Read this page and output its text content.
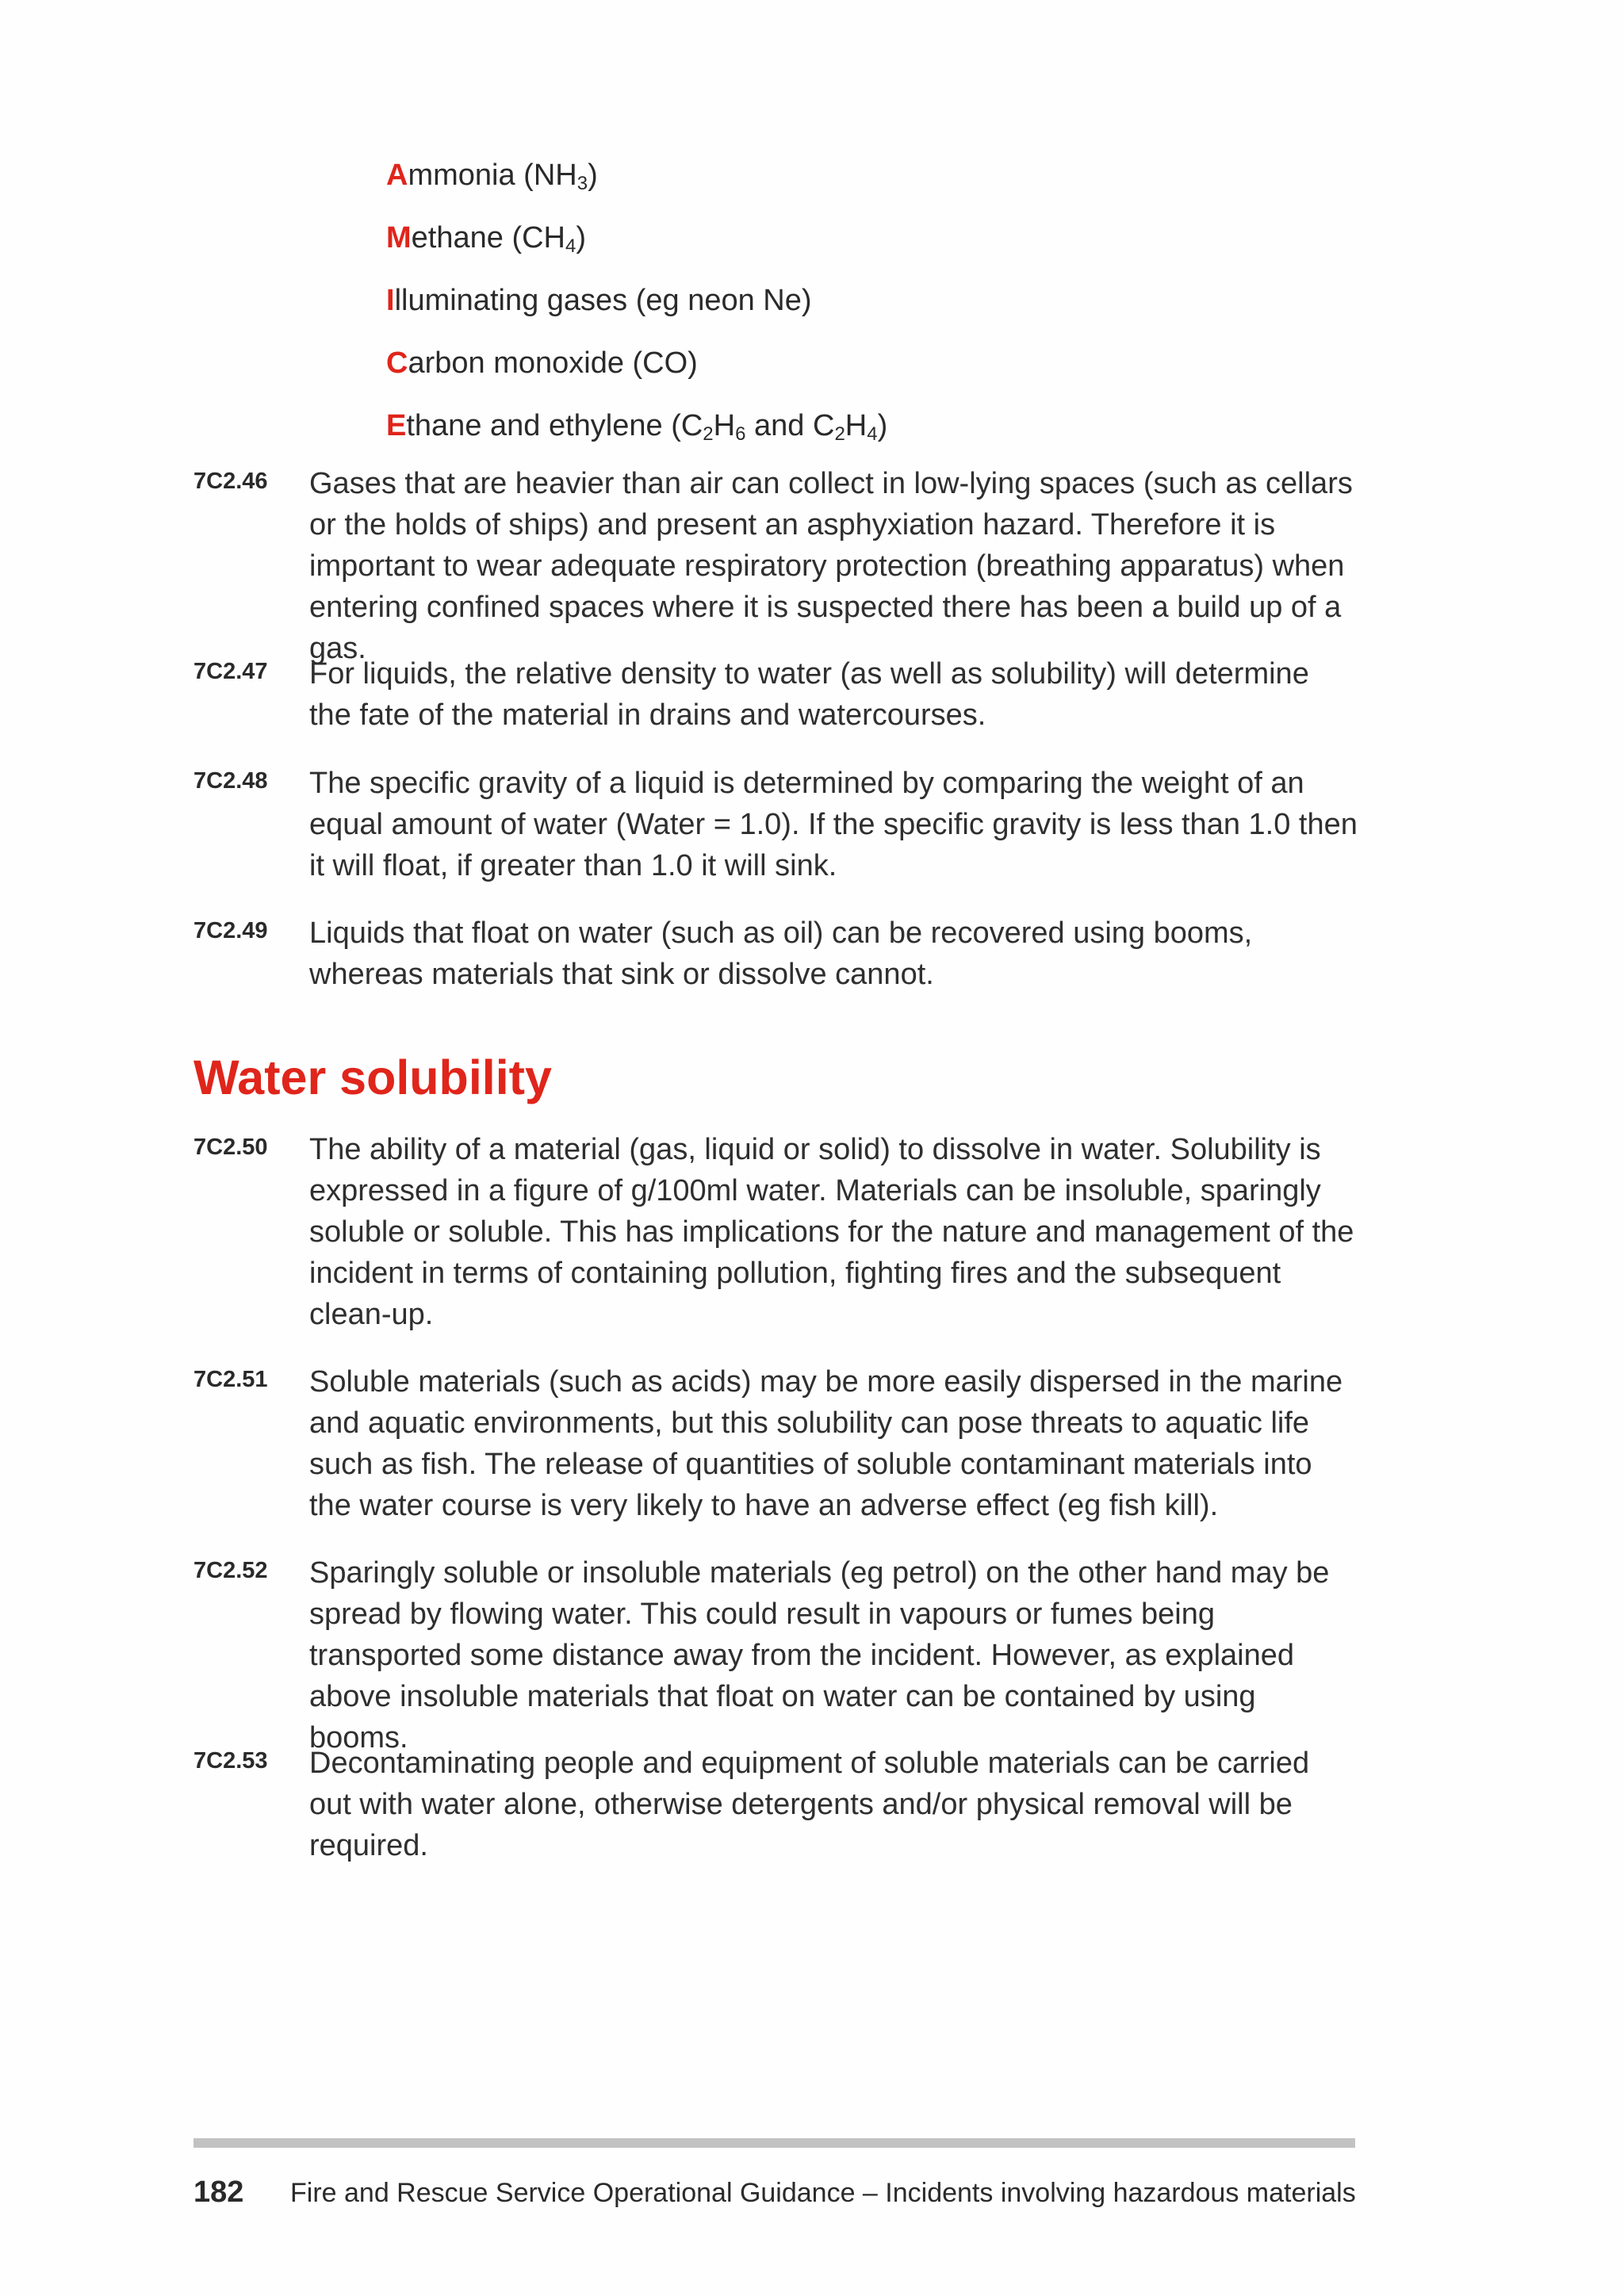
Ammonia $(NH_3)$
Methane $(CH_4)$
Illuminating gases (eg neon Ne)
Carbon monoxide (CO)
Ethane and ethylene ($C_2H_6$ and $C_2H_4$)
7C2.46 Gases that are heavier than air can collect in low-lying spaces (such as cellars or the holds of ships) and present an asphyxiation hazard. Therefore it is important to wear adequate respiratory protection (breathing apparatus) when entering confined spaces where it is suspected there has been a build up of a gas.
7C2.47 For liquids, the relative density to water (as well as solubility) will determine the fate of the material in drains and watercourses.
7C2.48 The specific gravity of a liquid is determined by comparing the weight of an equal amount of water (Water = 1.0). If the specific gravity is less than 1.0 then it will float, if greater than 1.0 it will sink.
7C2.49 Liquids that float on water (such as oil) can be recovered using booms, whereas materials that sink or dissolve cannot.
Water solubility
7C2.50 The ability of a material (gas, liquid or solid) to dissolve in water. Solubility is expressed in a figure of g/100ml water. Materials can be insoluble, sparingly soluble or soluble. This has implications for the nature and management of the incident in terms of containing pollution, fighting fires and the subsequent clean-up.
7C2.51 Soluble materials (such as acids) may be more easily dispersed in the marine and aquatic environments, but this solubility can pose threats to aquatic life such as fish. The release of quantities of soluble contaminant materials into the water course is very likely to have an adverse effect (eg fish kill).
7C2.52 Sparingly soluble or insoluble materials (eg petrol) on the other hand may be spread by flowing water. This could result in vapours or fumes being transported some distance away from the incident. However, as explained above insoluble materials that float on water can be contained by using booms.
7C2.53 Decontaminating people and equipment of soluble materials can be carried out with water alone, otherwise detergents and/or physical removal will be required.
182 Fire and Rescue Service Operational Guidance – Incidents involving hazardous materials
